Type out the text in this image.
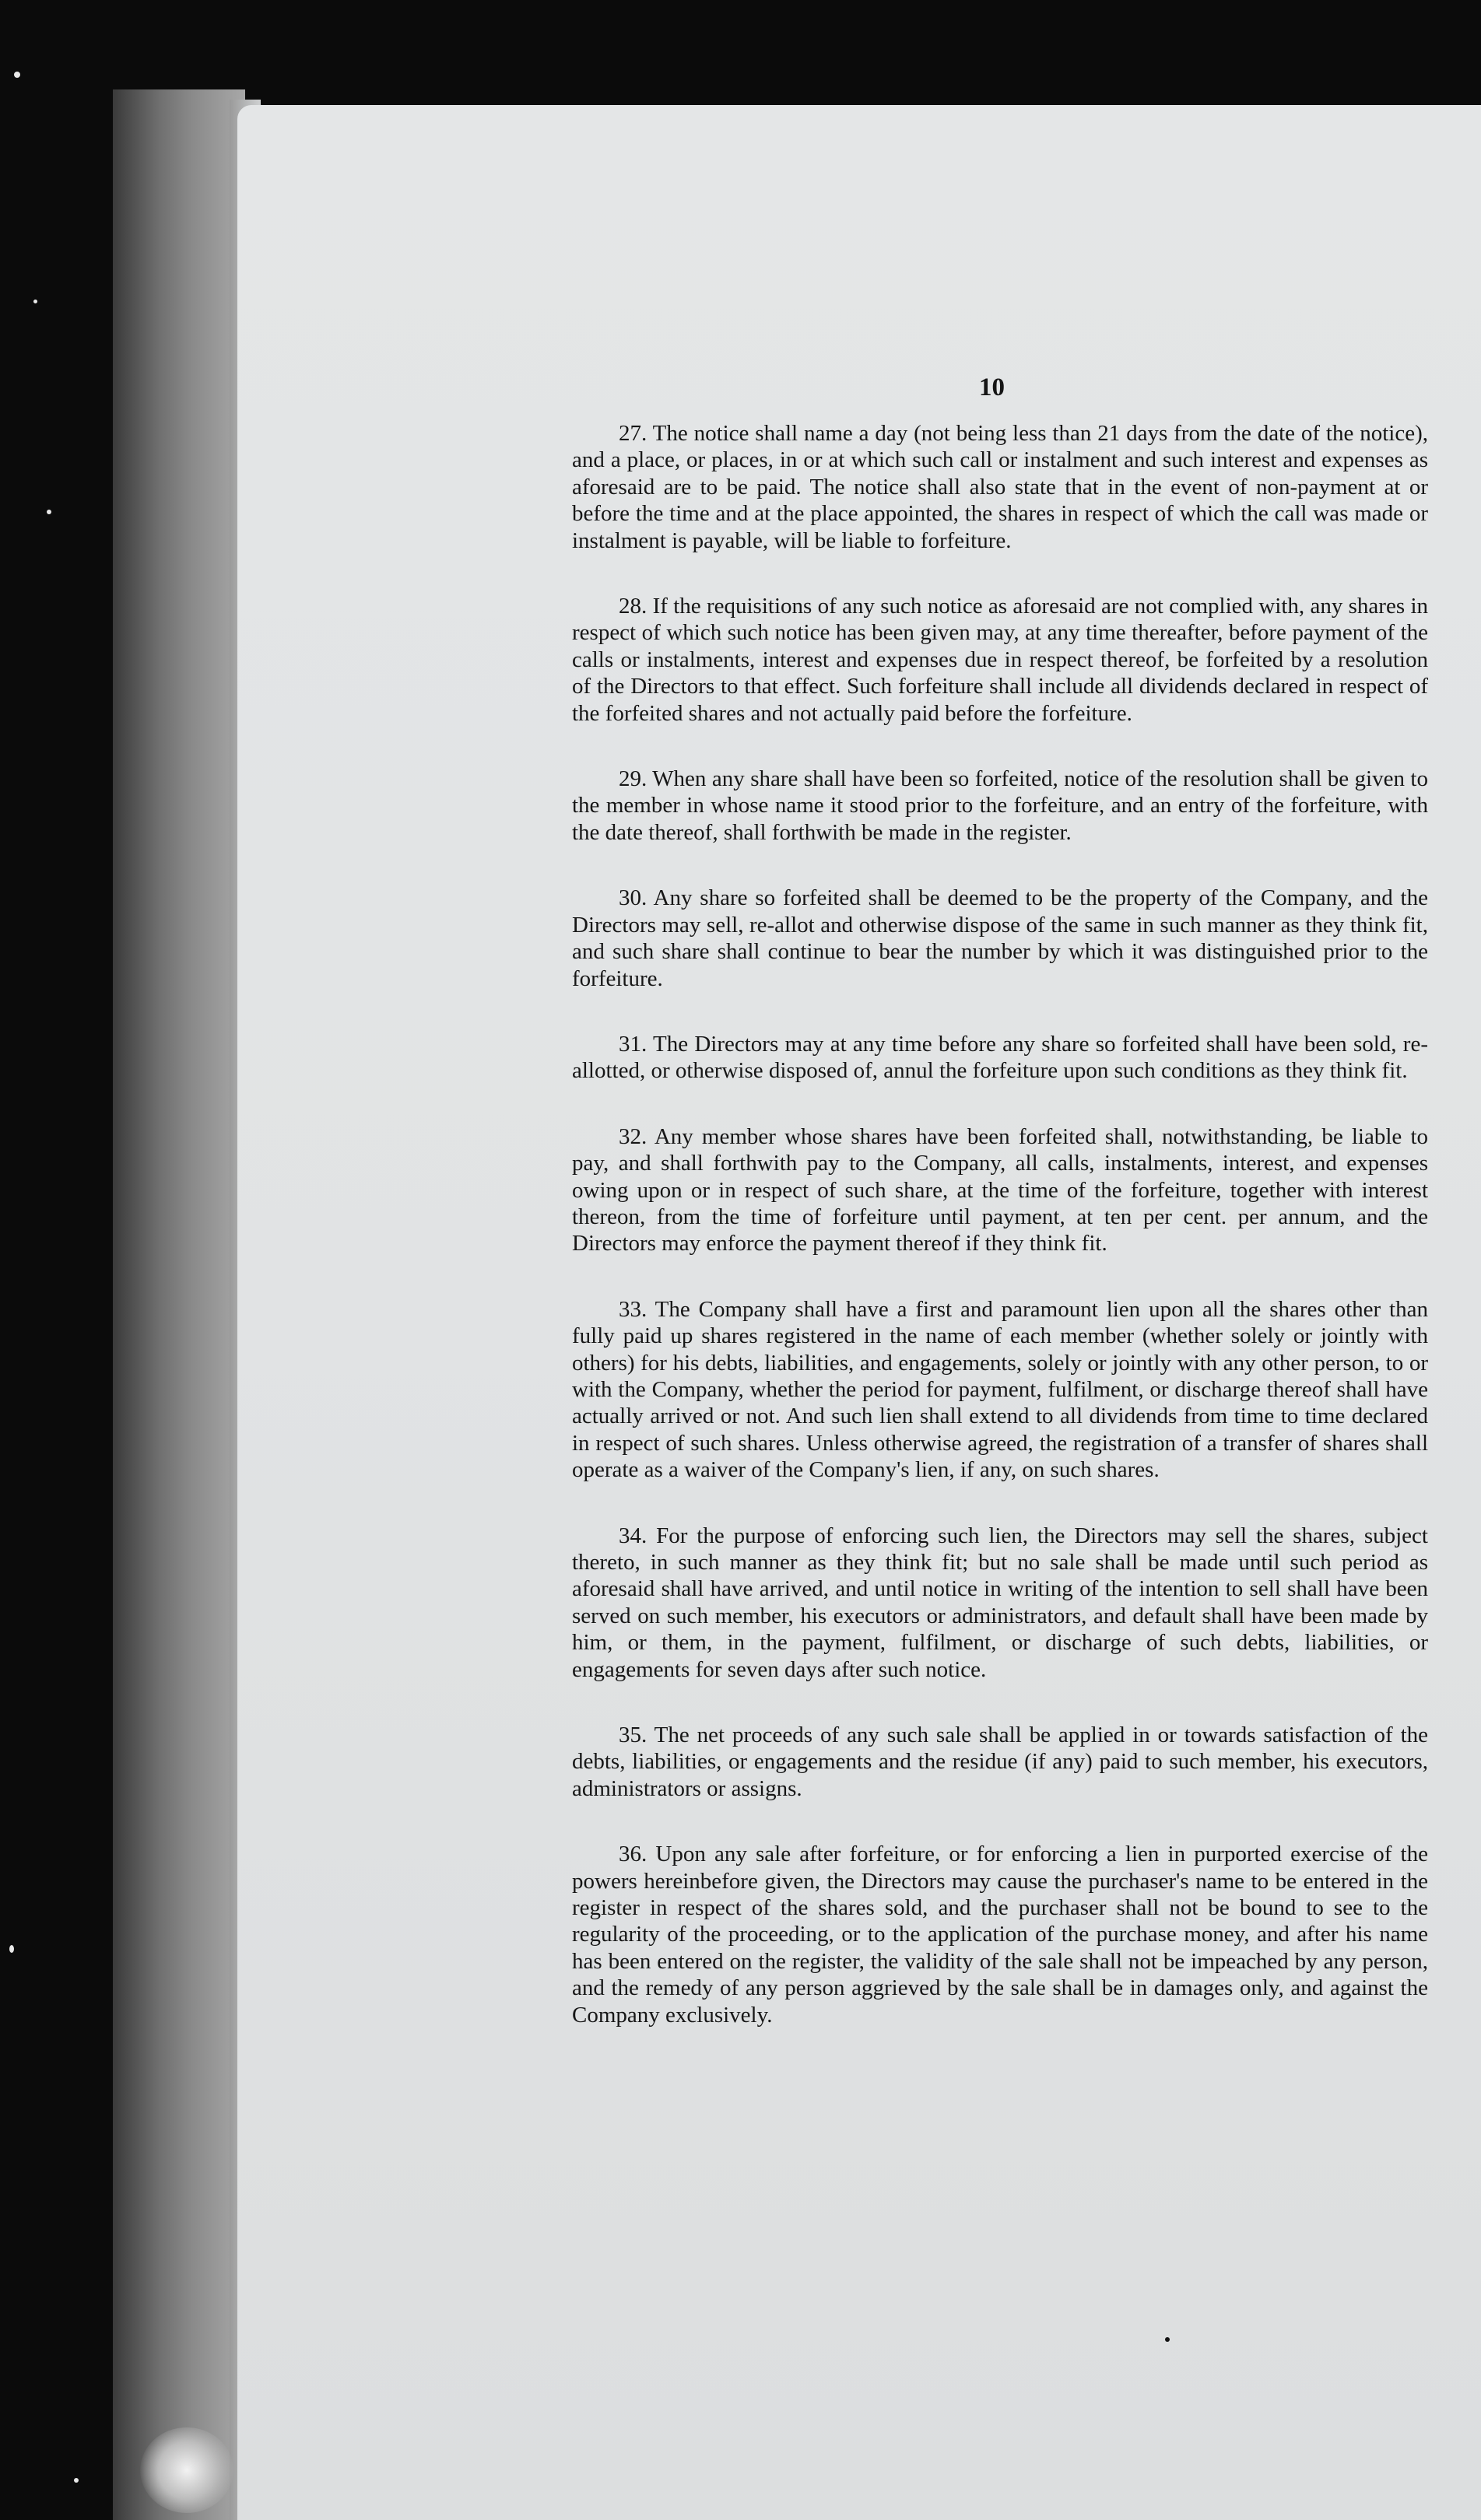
10

27. The notice shall name a day (not being less than 21 days from the date of the notice), and a place, or places, in or at which such call or instalment and such interest and expenses as aforesaid are to be paid. The notice shall also state that in the event of non-payment at or before the time and at the place appointed, the shares in respect of which the call was made or instalment is payable, will be liable to forfeiture.

28. If the requisitions of any such notice as aforesaid are not complied with, any shares in respect of which such notice has been given may, at any time thereafter, before payment of the calls or instalments, interest and expenses due in respect thereof, be forfeited by a resolution of the Directors to that effect. Such forfeiture shall include all dividends declared in respect of the forfeited shares and not actually paid before the forfeiture.

29. When any share shall have been so forfeited, notice of the resolution shall be given to the member in whose name it stood prior to the forfeiture, and an entry of the forfeiture, with the date thereof, shall forthwith be made in the register.

30. Any share so forfeited shall be deemed to be the property of the Company, and the Directors may sell, re-allot and otherwise dispose of the same in such manner as they think fit, and such share shall continue to bear the number by which it was distinguished prior to the forfeiture.

31. The Directors may at any time before any share so forfeited shall have been sold, re-allotted, or otherwise disposed of, annul the forfeiture upon such conditions as they think fit.

32. Any member whose shares have been forfeited shall, notwithstanding, be liable to pay, and shall forthwith pay to the Company, all calls, instalments, interest, and expenses owing upon or in respect of such share, at the time of the forfeiture, together with interest thereon, from the time of forfeiture until payment, at ten per cent. per annum, and the Directors may enforce the payment thereof if they think fit.

33. The Company shall have a first and paramount lien upon all the shares other than fully paid up shares registered in the name of each member (whether solely or jointly with others) for his debts, liabilities, and engagements, solely or jointly with any other person, to or with the Company, whether the period for payment, fulfilment, or discharge thereof shall have actually arrived or not. And such lien shall extend to all dividends from time to time declared in respect of such shares. Unless otherwise agreed, the registration of a transfer of shares shall operate as a waiver of the Company's lien, if any, on such shares.

34. For the purpose of enforcing such lien, the Directors may sell the shares, subject thereto, in such manner as they think fit; but no sale shall be made until such period as aforesaid shall have arrived, and until notice in writing of the intention to sell shall have been served on such member, his executors or administrators, and default shall have been made by him, or them, in the payment, fulfilment, or discharge of such debts, liabilities, or engagements for seven days after such notice.

35. The net proceeds of any such sale shall be applied in or towards satisfaction of the debts, liabilities, or engagements and the residue (if any) paid to such member, his executors, administrators or assigns.

36. Upon any sale after forfeiture, or for enforcing a lien in purported exercise of the powers hereinbefore given, the Directors may cause the purchaser's name to be entered in the register in respect of the shares sold, and the purchaser shall not be bound to see to the regularity of the proceeding, or to the application of the purchase money, and after his name has been entered on the register, the validity of the sale shall not be impeached by any person, and the remedy of any person aggrieved by the sale shall be in damages only, and against the Company exclusively.
